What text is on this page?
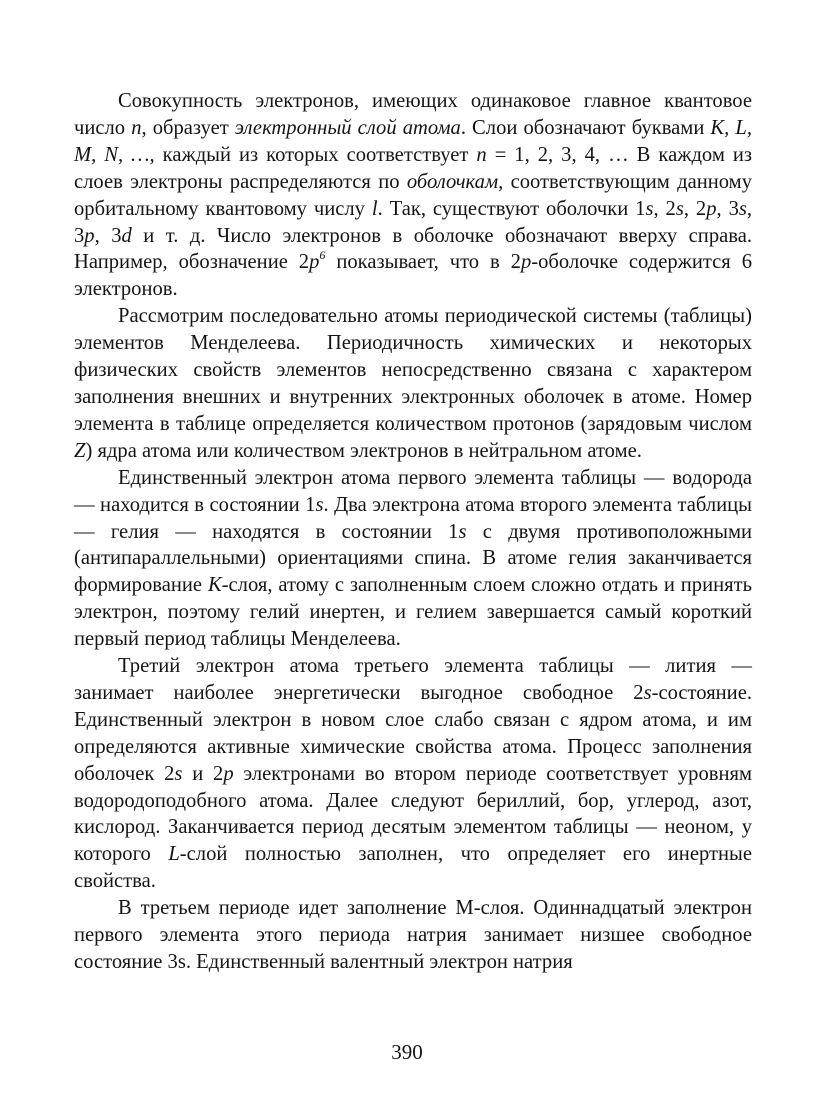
Совокупность электронов, имеющих одинаковое главное квантовое число n, образует электронный слой атома. Слои обозначают буквами K, L, M, N, …, каждый из которых соответствует n = 1, 2, 3, 4, … В каждом из слоев электроны распределяются по оболочкам, соответствующим данному орбитальному квантовому числу l. Так, существуют оболочки 1s, 2s, 2p, 3s, 3p, 3d и т. д. Число электронов в оболочке обозначают вверху справа. Например, обозначение $2p^6$ показывает, что в 2p-оболочке содержится 6 электронов.

Рассмотрим последовательно атомы периодической системы (таблицы) элементов Менделеева. Периодичность химических и некоторых физических свойств элементов непосредственно связана с характером заполнения внешних и внутренних электронных оболочек в атоме. Номер элемента в таблице определяется количеством протонов (зарядовым числом Z) ядра атома или количеством электронов в нейтральном атоме.

Единственный электрон атома первого элемента таблицы — водорода — находится в состоянии 1s. Два электрона атома второго элемента таблицы — гелия — находятся в состоянии 1s с двумя противоположными (антипараллельными) ориентациями спина. В атоме гелия заканчивается формирование K-слоя, атому с заполненным слоем сложно отдать и принять электрон, поэтому гелий инертен, и гелием завершается самый короткий первый период таблицы Менделеева.

Третий электрон атома третьего элемента таблицы — лития — занимает наиболее энергетически выгодное свободное 2s-состояние. Единственный электрон в новом слое слабо связан с ядром атома, и им определяются активные химические свойства атома. Процесс заполнения оболочек 2s и 2p электронами во втором периоде соответствует уровням водородоподобного атома. Далее следуют бериллий, бор, углерод, азот, кислород. Заканчивается период десятым элементом таблицы — неоном, у которого L-слой полностью заполнен, что определяет его инертные свойства.

В третьем периоде идет заполнение M-слоя. Одиннадцатый электрон первого элемента этого периода натрия занимает низшее свободное состояние 3s. Единственный валентный электрон натрия

390
